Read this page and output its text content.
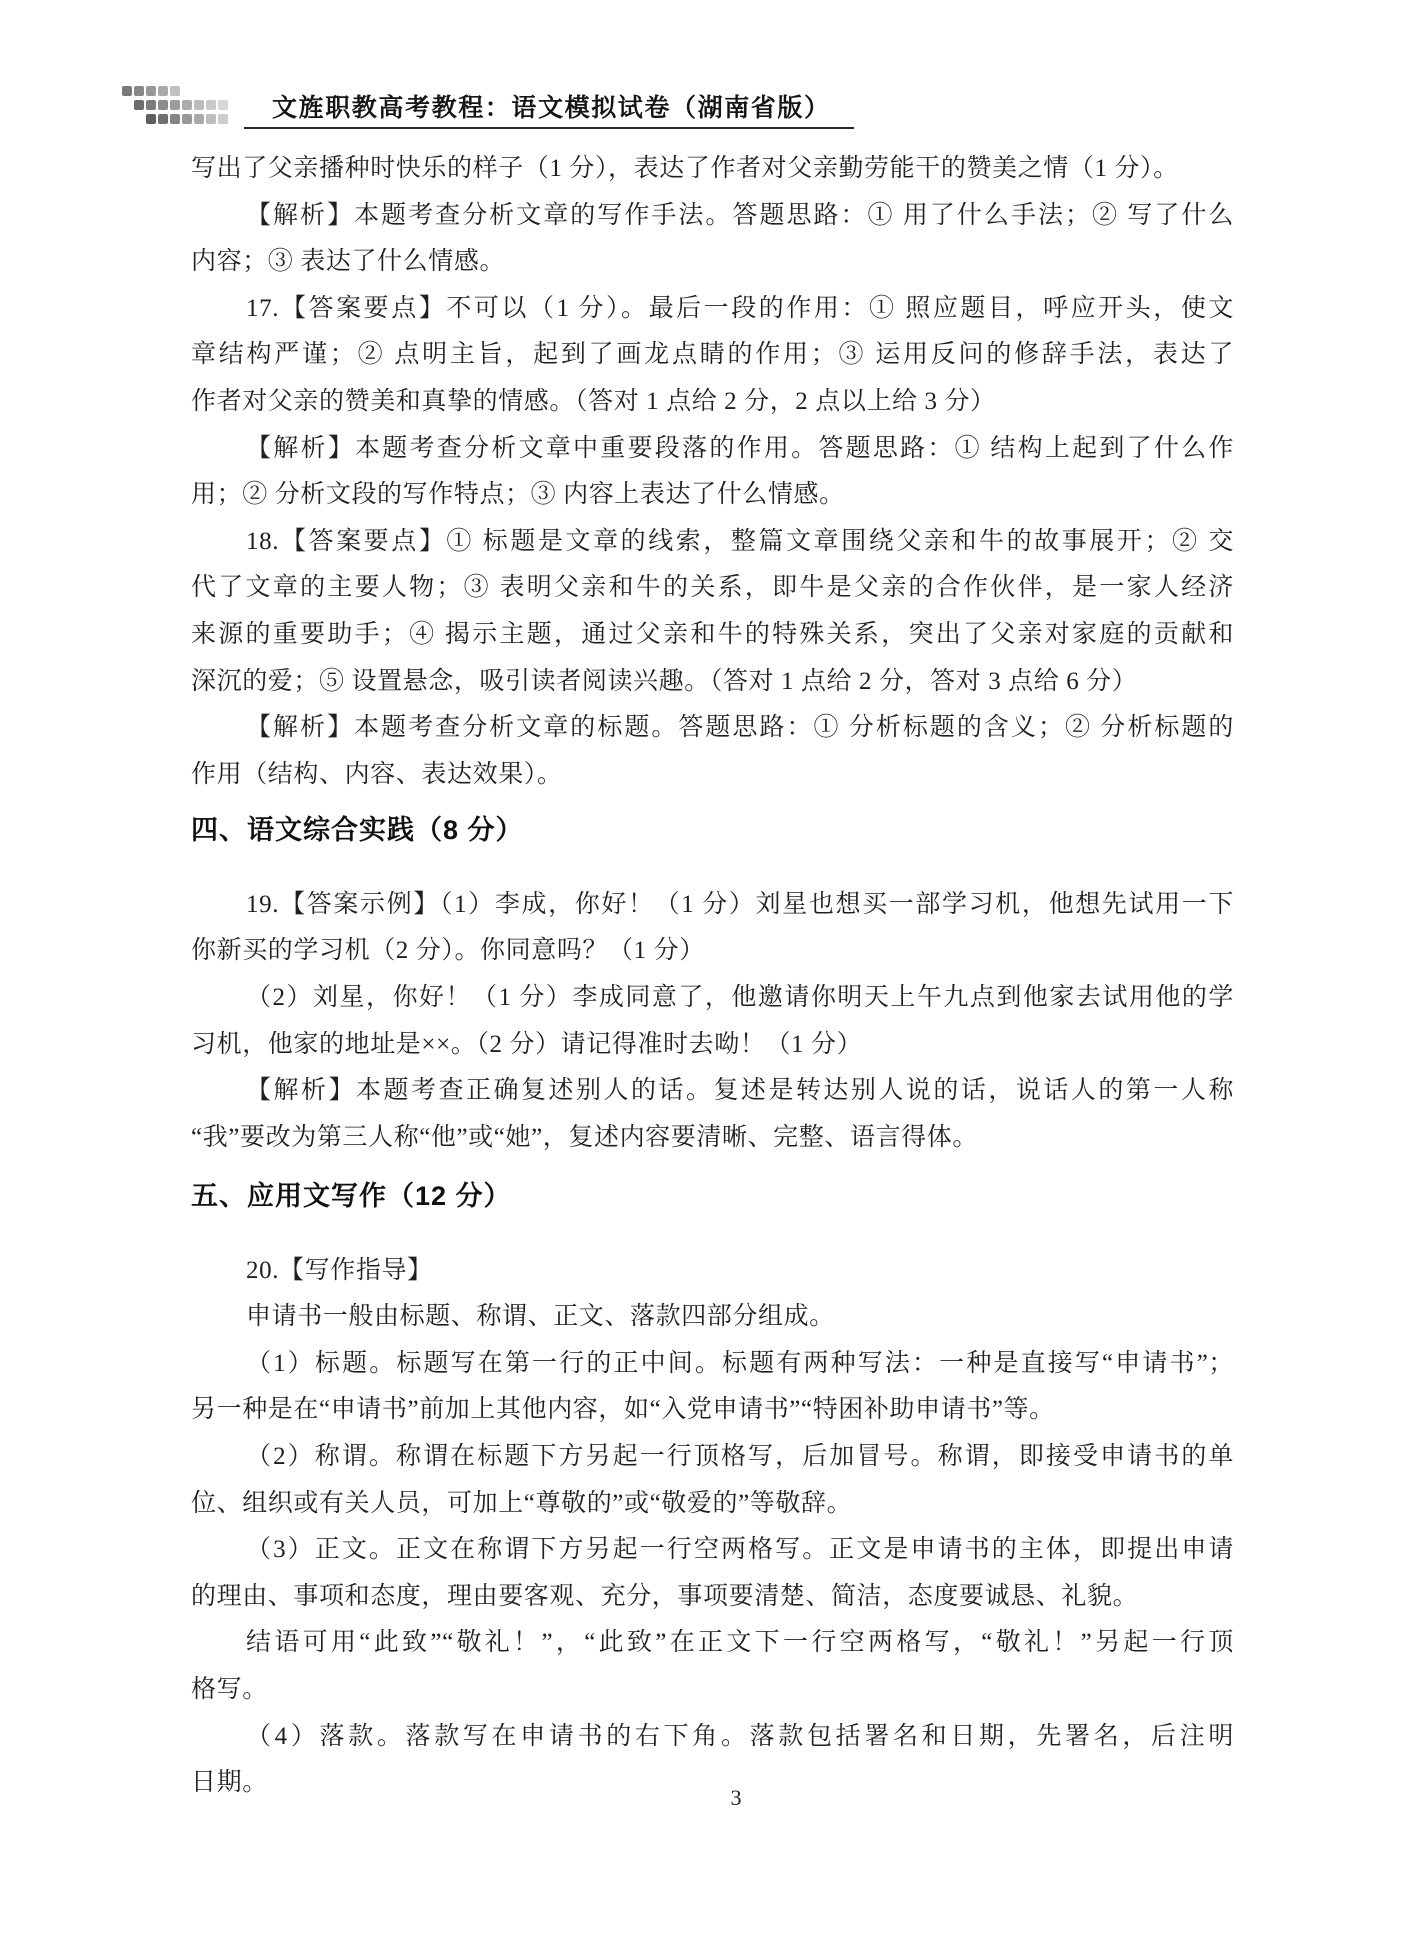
文旌职教高考教程：语文模拟试卷（湖南省版）
写出了父亲播种时快乐的样子（1 分），表达了作者对父亲勤劳能干的赞美之情（1 分）。
【解析】本题考查分析文章的写作手法。答题思路：① 用了什么手法；② 写了什么
内容；③ 表达了什么情感。
17.【答案要点】不可以（1 分）。最后一段的作用：① 照应题目，呼应开头，使文
章结构严谨；② 点明主旨，起到了画龙点睛的作用；③ 运用反问的修辞手法，表达了
作者对父亲的赞美和真挚的情感。（答对 1 点给 2 分，2 点以上给 3 分）
【解析】本题考查分析文章中重要段落的作用。答题思路：① 结构上起到了什么作
用；② 分析文段的写作特点；③ 内容上表达了什么情感。
18.【答案要点】① 标题是文章的线索，整篇文章围绕父亲和牛的故事展开；② 交
代了文章的主要人物；③ 表明父亲和牛的关系，即牛是父亲的合作伙伴，是一家人经济
来源的重要助手；④ 揭示主题，通过父亲和牛的特殊关系，突出了父亲对家庭的贡献和
深沉的爱；⑤ 设置悬念，吸引读者阅读兴趣。（答对 1 点给 2 分，答对 3 点给 6 分）
【解析】本题考查分析文章的标题。答题思路：① 分析标题的含义；② 分析标题的
作用（结构、内容、表达效果）。
四、语文综合实践（8 分）
19.【答案示例】（1）李成，你好！（1 分）刘星也想买一部学习机，他想先试用一下
你新买的学习机（2 分）。你同意吗？（1 分）
（2）刘星，你好！（1 分）李成同意了，他邀请你明天上午九点到他家去试用他的学
习机，他家的地址是××。（2 分）请记得准时去呦！（1 分）
【解析】本题考查正确复述别人的话。复述是转达别人说的话，说话人的第一人称
“我”要改为第三人称“他”或“她”，复述内容要清晰、完整、语言得体。
五、应用文写作（12 分）
20.【写作指导】
申请书一般由标题、称谓、正文、落款四部分组成。
（1）标题。标题写在第一行的正中间。标题有两种写法：一种是直接写“申请书”；
另一种是在“申请书”前加上其他内容，如“入党申请书”“特困补助申请书”等。
（2）称谓。称谓在标题下方另起一行顶格写，后加冒号。称谓，即接受申请书的单
位、组织或有关人员，可加上“尊敬的”或“敬爱的”等敬辞。
（3）正文。正文在称谓下方另起一行空两格写。正文是申请书的主体，即提出申请
的理由、事项和态度，理由要客观、充分，事项要清楚、简洁，态度要诚恳、礼貌。
结语可用“此致”“敬礼！”，“此致”在正文下一行空两格写，“敬礼！”另起一行顶
格写。
（4）落款。落款写在申请书的右下角。落款包括署名和日期，先署名，后注明
日期。
3
